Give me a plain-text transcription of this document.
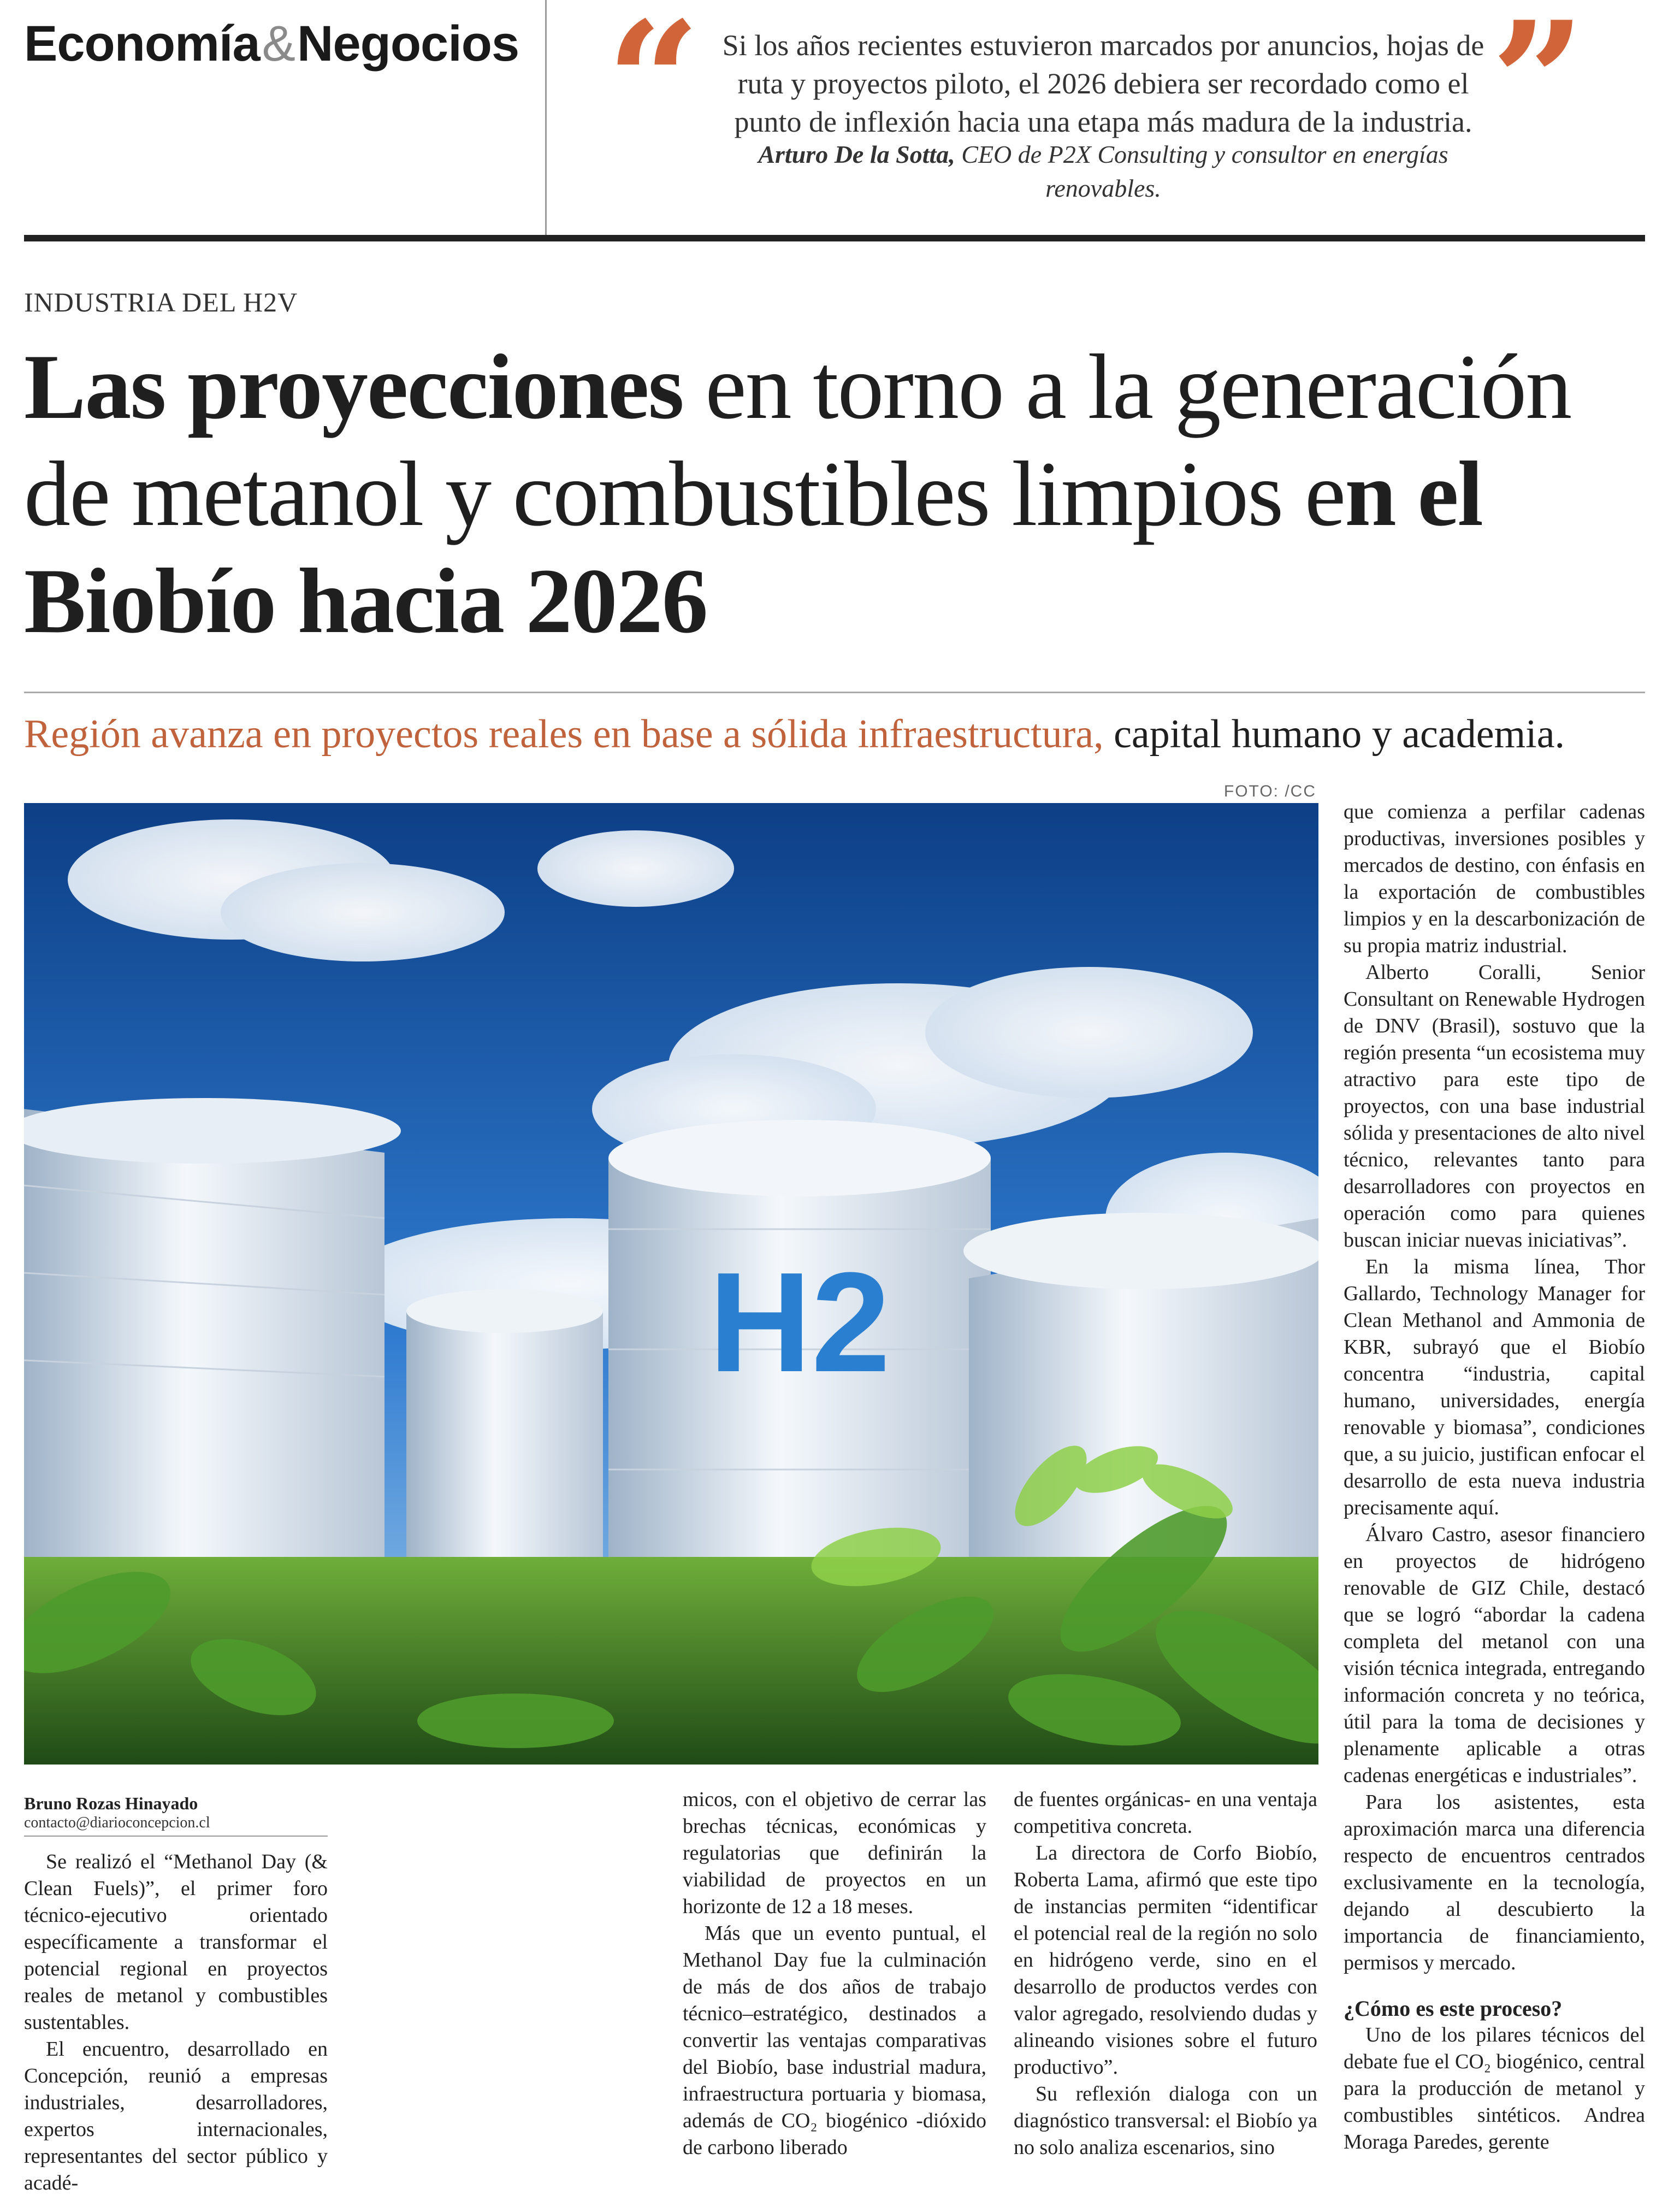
Economía&Negocios “ Si los años recientes estuvieron marcados por anuncios, hojas de ruta y proyectos piloto, el 2026 debiera ser recordado como el punto de inflexión hacia una etapa más madura de la industria. ”
Arturo De la Sotta, CEO de P2X Consulting y consultor en energías renovables.
INDUSTRIA DEL H2V
Las proyecciones en torno a la generación de metanol y combustibles limpios en el Biobío hacia 2026
Región avanza en proyectos reales en base a sólida infraestructura, capital humano y academia.
FOTO: /CC
H2

que comienza a perfilar cadenas productivas, inversiones posibles y mercados de destino, con énfasis en la exportación de combustibles limpios y en la descarbonización de su propia matriz industrial.

Alberto Coralli, Senior Consultant on Renewable Hydrogen de DNV (Brasil), sostuvo que la región presenta “un ecosistema muy atractivo para este tipo de proyectos, con una base industrial sólida y presentaciones de alto nivel técnico, relevantes tanto para desarrolladores con proyectos en operación como para quienes buscan iniciar nuevas iniciativas”.

En la misma línea, Thor Gallardo, Technology Manager for Clean Methanol and Ammonia de KBR, subrayó que el Biobío concentra “industria, capital humano, universidades, energía renovable y biomasa”, condiciones que, a su juicio, justifican enfocar el desarrollo de esta nueva industria precisamente aquí.

Álvaro Castro, asesor financiero en proyectos de hidrógeno renovable de GIZ Chile, destacó que se logró “abordar la cadena completa del metanol con una visión técnica integrada, entregando información concreta y no teórica, útil para la toma de decisiones y plenamente aplicable a otras cadenas energéticas e industriales”.

Para los asistentes, esta aproximación marca una diferencia respecto de encuentros centrados exclusivamente en la tecnología, dejando al descubierto la importancia de financiamiento, permisos y mercado.

¿Cómo es este proceso?

Uno de los pilares técnicos del debate fue el CO₂ biogénico, central para la producción de metanol y combustibles sintéticos. Andrea Moraga Paredes, gerente

Bruno Rozas Hinayado
contacto@diarioconcepcion.cl

Se realizó el “Methanol Day (& Clean Fuels)”, el primer foro técnico-ejecutivo orientado específicamente a transformar el potencial regional en proyectos reales de metanol y combustibles sustentables.

El encuentro, desarrollado en Concepción, reunió a empresas industriales, desarrolladores, expertos internacionales, representantes del sector público y acadé-

micos, con el objetivo de cerrar las brechas técnicas, económicas y regulatorias que definirán la viabilidad de proyectos en un horizonte de 12 a 18 meses.

Más que un evento puntual, el Methanol Day fue la culminación de más de dos años de trabajo técnico–estratégico, destinados a convertir las ventajas comparativas del Biobío, base industrial madura, infraestructura portuaria y biomasa, además de CO₂ biogénico -dióxido de carbono liberado

de fuentes orgánicas- en una ventaja competitiva concreta.

La directora de Corfo Biobío, Roberta Lama, afirmó que este tipo de instancias permiten “identificar el potencial real de la región no solo en hidrógeno verde, sino en el desarrollo de productos verdes con valor agregado, resolviendo dudas y alineando visiones sobre el futuro productivo”.

Su reflexión dialoga con un diagnóstico transversal: el Biobío ya no solo analiza escenarios, sino
